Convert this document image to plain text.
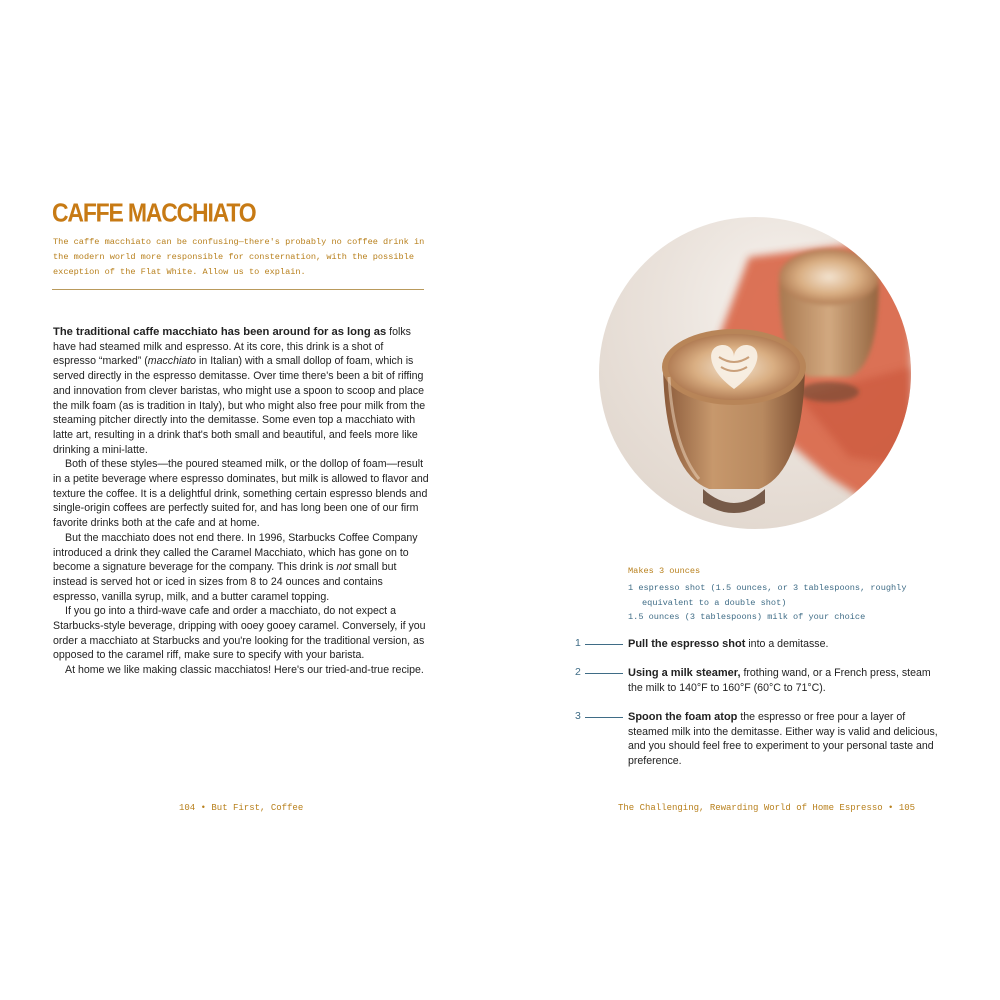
CAFFE MACCHIATO
The caffe macchiato can be confusing—there's probably no coffee drink in
the modern world more responsible for consternation, with the possible
exception of the Flat White. Allow us to explain.

The traditional caffe macchiato has been around for as long as folks have had steamed milk and espresso. At its core, this drink is a shot of espresso “marked” (macchiato in Italian) with a small dollop of foam, which is served directly in the espresso demitasse. Over time there's been a bit of riffing and innovation from clever baristas, who might use a spoon to scoop and place the milk foam (as is tradition in Italy), but who might also free pour milk from the steaming pitcher directly into the demitasse. Some even top a macchiato with latte art, resulting in a drink that's both small and beautiful, and feels more like drinking a mini-latte.

Both of these styles—the poured steamed milk, or the dollop of foam—result in a petite beverage where espresso dominates, but milk is allowed to flavor and texture the coffee. It is a delightful drink, something certain espresso blends and single-origin coffees are perfectly suited for, and has long been one of our firm favorite drinks both at the cafe and at home.

But the macchiato does not end there. In 1996, Starbucks Coffee Company introduced a drink they called the Caramel Macchiato, which has gone on to become a signature beverage for the company. This drink is not small but instead is served hot or iced in sizes from 8 to 24 ounces and contains espresso, vanilla syrup, milk, and a butter caramel topping.

If you go into a third-wave cafe and order a macchiato, do not expect a Starbucks-style beverage, dripping with ooey gooey caramel. Conversely, if you order a macchiato at Starbucks and you're looking for the traditional version, as opposed to the caramel riff, make sure to specify with your barista.

At home we like making classic macchiatos! Here's our tried-and-true recipe.

104 • But First, Coffee
Makes 3 ounces
1 espresso shot (1.5 ounces, or 3 tablespoons, roughly
equivalent to a double shot)
1.5 ounces (3 tablespoons) milk of your choice
1	Pull the espresso shot into a demitasse.
2	Using a milk steamer, frothing wand, or a French press, steam the milk to 140°F to 160°F (60°C to 71°C).
3	Spoon the foam atop the espresso or free pour a layer of steamed milk into the demitasse. Either way is valid and delicious, and you should feel free to experiment to your personal taste and preference.
The Challenging, Rewarding World of Home Espresso • 105
